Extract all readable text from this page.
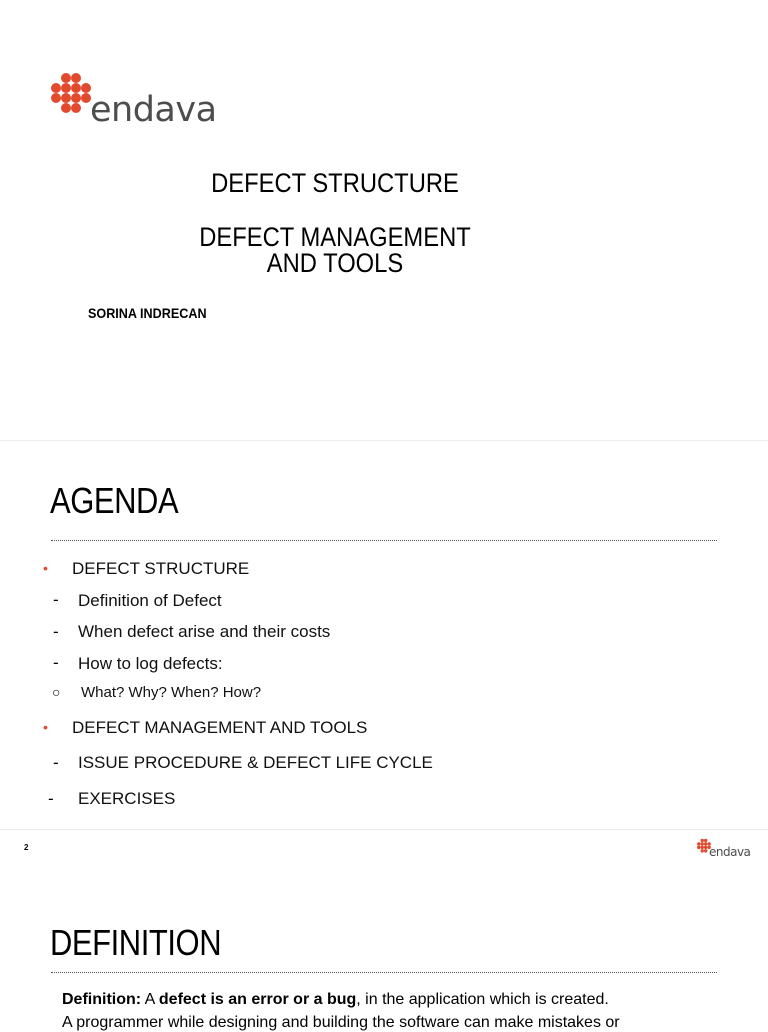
endava
DEFECT STRUCTURE
DEFECT MANAGEMENT
AND TOOLS
SORINA INDRECAN
AGENDA
• DEFECT STRUCTURE
- Definition of Defect
- When defect arise and their costs
- How to log defects:
○ What? Why? When? How?
• DEFECT MANAGEMENT AND TOOLS
- ISSUE PROCEDURE & DEFECT LIFE CYCLE
- EXERCISES
2	endava
DEFINITION
Definition: A defect is an error or a bug, in the application which is created.
A programmer while designing and building the software can make mistakes or
